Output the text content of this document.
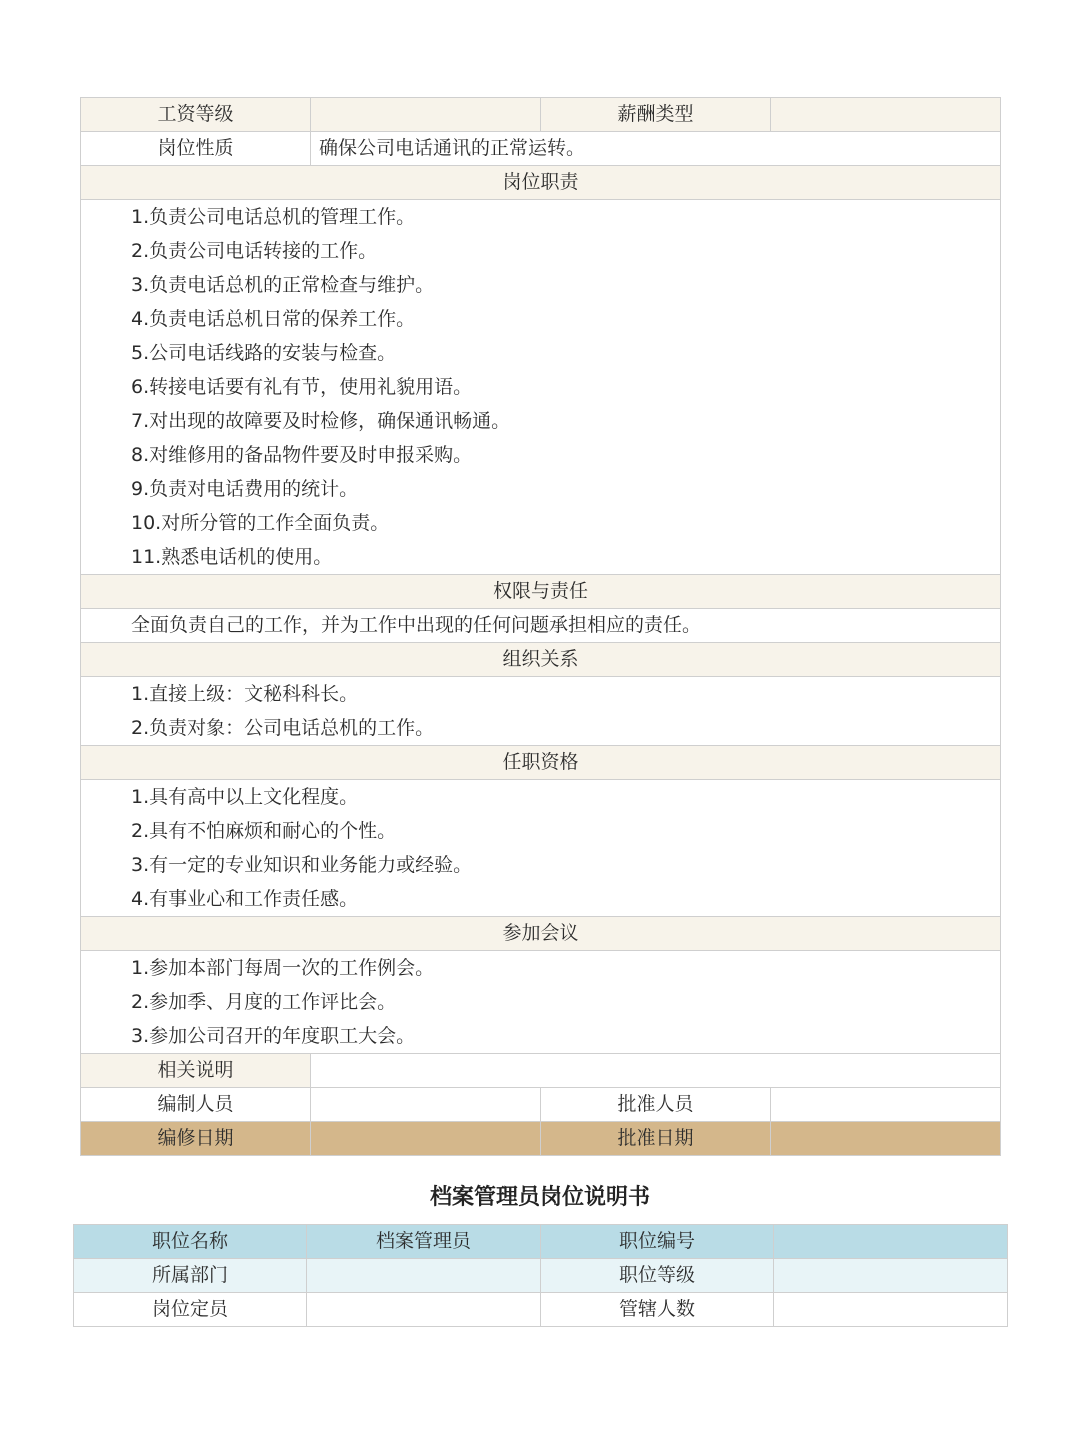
工资等级		薪酬类型	
岗位性质	确保公司电话通讯的正常运转。		
岗位职责			
1.负责公司电话总机的管理工作。			
2.负责公司电话转接的工作。			
3.负责电话总机的正常检查与维护。			
4.负责电话总机日常的保养工作。			
5.公司电话线路的安装与检查。			
6.转接电话要有礼有节，使用礼貌用语。			
7.对出现的故障要及时检修，确保通讯畅通。			
8.对维修用的备品物件要及时申报采购。			
9.负责对电话费用的统计。			
10.对所分管的工作全面负责。			
11.熟悉电话机的使用。			
权限与责任			
全面负责自己的工作，并为工作中出现的任何问题承担相应的责任。			
组织关系			
1.直接上级：文秘科科长。			
2.负责对象：公司电话总机的工作。			
任职资格			
1.具有高中以上文化程度。			
2.具有不怕麻烦和耐心的个性。			
3.有一定的专业知识和业务能力或经验。			
4.有事业心和工作责任感。			
参加会议			
1.参加本部门每周一次的工作例会。			
2.参加季、月度的工作评比会。			
3.参加公司召开的年度职工大会。			
相关说明			
编制人员		批准人员	
编修日期		批准日期	
档案管理员岗位说明书
职位名称	档案管理员	职位编号	
所属部门		职位等级	
岗位定员		管辖人数	
